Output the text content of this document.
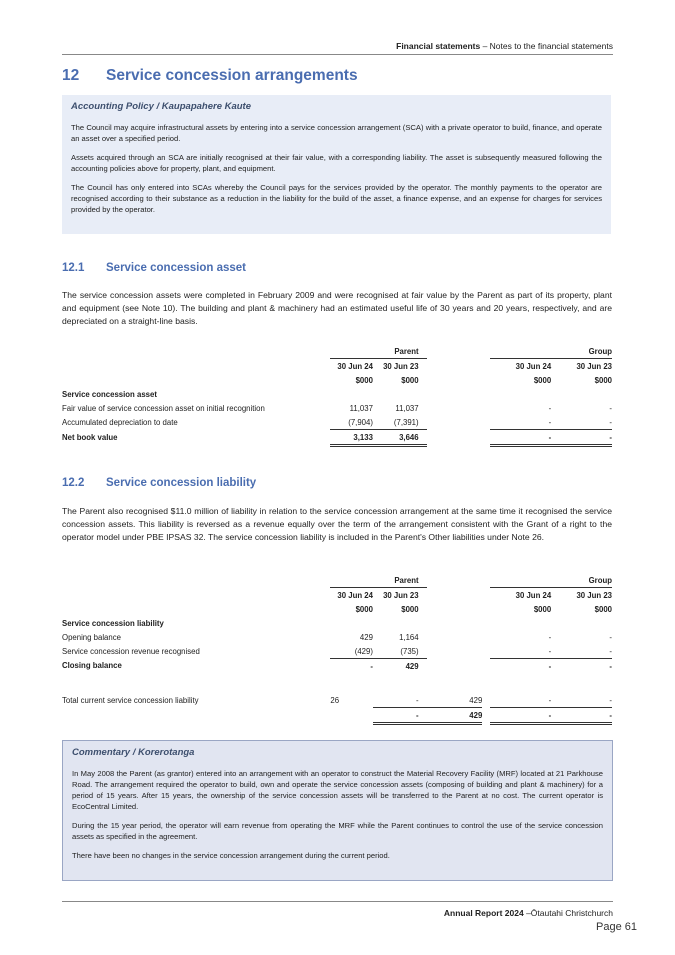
Financial statements – Notes to the financial statements
12 Service concession arrangements
Accounting Policy / Kaupapahere Kaute
The Council may acquire infrastructural assets by entering into a service concession arrangement (SCA) with a private operator to build, finance, and operate an asset over a specified period.
Assets acquired through an SCA are initially recognised at their fair value, with a corresponding liability. The asset is subsequently measured following the accounting policies above for property, plant, and equipment.
The Council has only entered into SCAs whereby the Council pays for the services provided by the operator. The monthly payments to the operator are recognised according to their substance as a reduction in the liability for the build of the asset, a finance expense, and an expense for charges for services provided by the operator.
12.1 Service concession asset
The service concession assets were completed in February 2009 and were recognised at fair value by the Parent as part of its property, plant and equipment (see Note 10). The building and plant & machinery had an estimated useful life of 30 years and 20 years, respectively, and are depreciated on a straight-line basis.
		Parent				Group
	30 Jun 24	30 Jun 23			30 Jun 24	30 Jun 23
	$000	$000			$000	$000
Service concession asset						
Fair value of service concession asset on initial recognition	11,037	11,037			-	-
Accumulated depreciation to date	(7,904)	(7,391)			-	-
Net book value	3,133	3,646			-	-
12.2 Service concession liability
The Parent also recognised $11.0 million of liability in relation to the service concession arrangement at the same time it recognised the service concession assets. This liability is reversed as a revenue equally over the term of the arrangement consistent with the Grant of a right to the operator model under PBE IPSAS 32. The service concession liability is included in the Parent's Other liabilities under Note 26.
		Parent				Group
	30 Jun 24	30 Jun 23			30 Jun 24	30 Jun 23
	$000	$000			$000	$000
Service concession liability						
Opening balance	429	1,164			-	-
Service concession revenue recognised	(429)	(735)			-	-
Closing balance	-	429			-	-

Total current service concession liability	26	-	429		-	-
		-	429		-	-
Commentary / Korerotanga
In May 2008 the Parent (as grantor) entered into an arrangement with an operator to construct the Material Recovery Facility (MRF) located at 21 Parkhouse Road. The arrangement required the operator to build, own and operate the service concession assets (composing of building and plant & machinery) for a period of 15 years. After 15 years, the ownership of the service concession assets will be transferred to the Parent at no cost. The current operator is EcoCentral Limited.
During the 15 year period, the operator will earn revenue from operating the MRF while the Parent continues to control the use of the service concession assets as specified in the agreement.
There have been no changes in the service concession arrangement during the current period.
Annual Report 2024 –Ōtautahi Christchurch
Page 61
